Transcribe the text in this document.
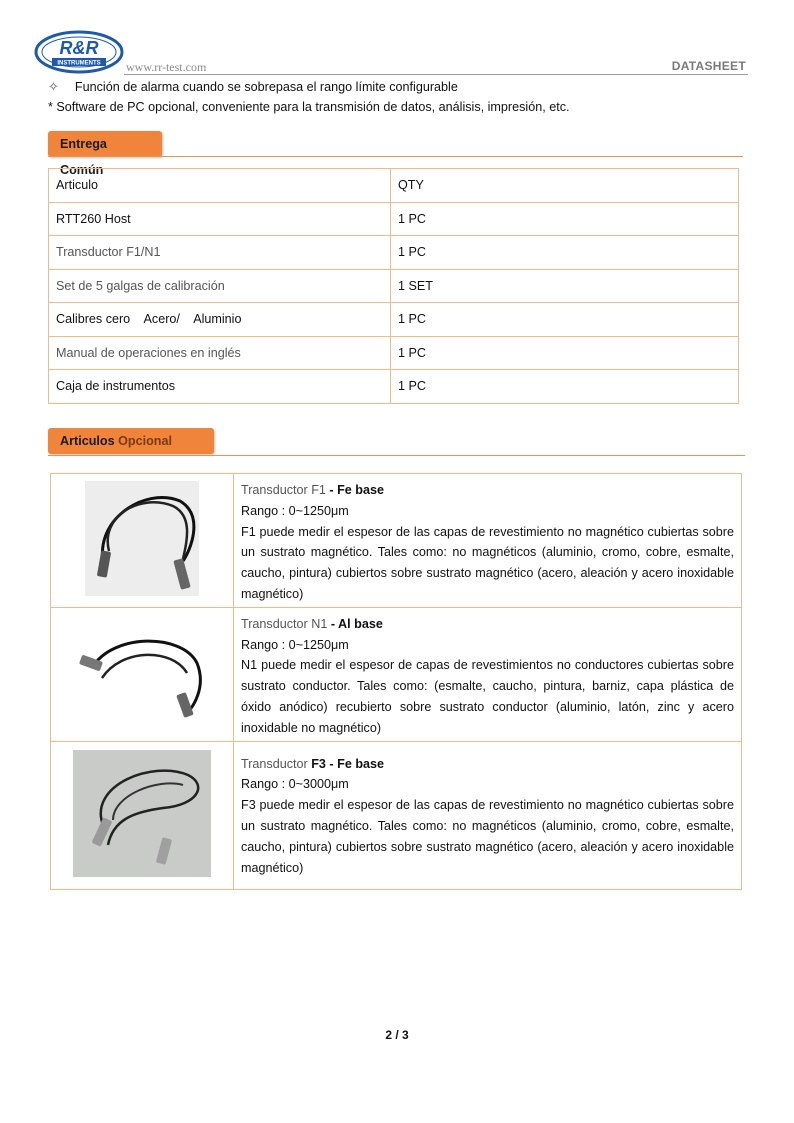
R&R
INSTRUMENTS www.rr-test.com	DATASHEET
✧ Función de alarma cuando se sobrepasa el rango límite configurable
* Software de PC opcional, conveniente para la transmisión de datos, análisis, impresión, etc.
Entrega Común
Articulo	QTY
RTT260 Host	1 PC
Transductor F1/N1	1 PC
Set de 5 galgas de calibración	1 SET
Calibres cero    Acero/    Aluminio	1 PC
Manual de operaciones en inglés	1 PC
Caja de instrumentos	1 PC
Articulos Opcional
	Transductor F1 - Fe base
Rango : 0~1250μm
F1 puede medir el espesor de las capas de revestimiento no magnético cubiertas sobre un sustrato magnético. Tales como: no magnéticos (aluminio, cromo, cobre, esmalte, caucho, pintura) cubiertos sobre sustrato magnético (acero, aleación y acero inoxidable magnético)
	Transductor N1 - Al base
Rango : 0~1250μm
N1 puede medir el espesor de capas de revestimientos no conductores cubiertas sobre sustrato conductor. Tales como: (esmalte, caucho, pintura, barniz, capa plástica de óxido anódico) recubierto sobre sustrato conductor (aluminio, latón, zinc y acero inoxidable no magnético)
	Transductor F3 - Fe base
Rango : 0~3000μm
F3 puede medir el espesor de las capas de revestimiento no magnético cubiertas sobre un sustrato magnético. Tales como: no magnéticos (aluminio, cromo, cobre, esmalte, caucho, pintura) cubiertos sobre sustrato magnético (acero, aleación y acero inoxidable magnético)
2 / 3
